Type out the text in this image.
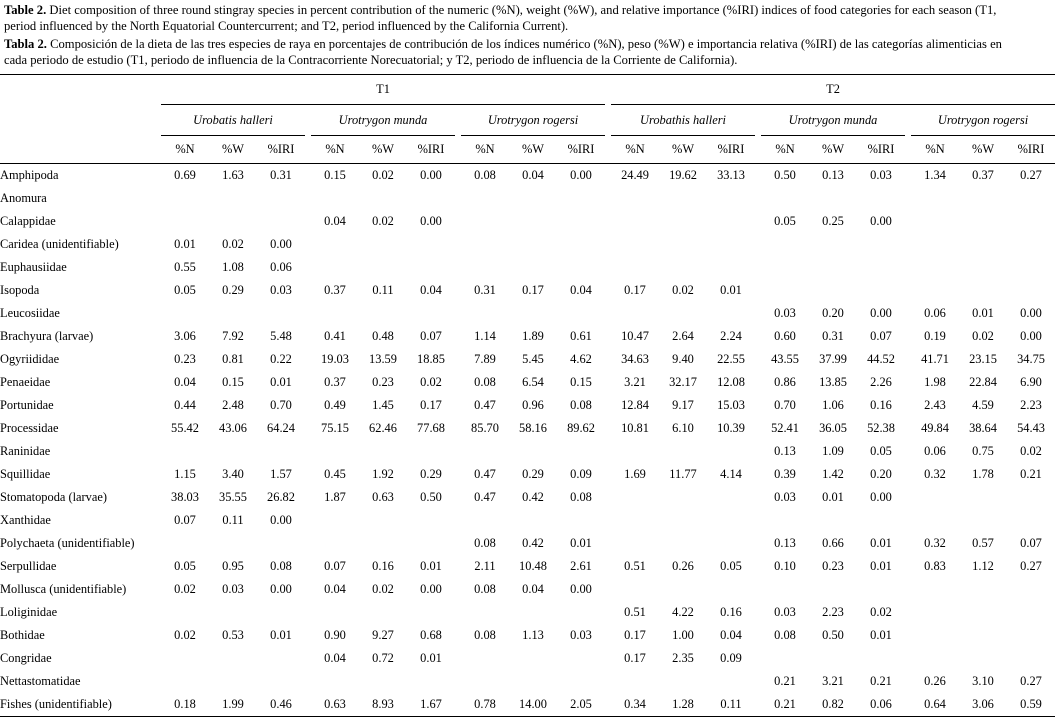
Table 2. Diet composition of three round stingray species in percent contribution of the numeric (%N), weight (%W), and relative importance (%IRI) indices of food categories for each season (T1, period influenced by the North Equatorial Countercurrent; and T2, period influenced by the California Current).
Tabla 2. Composición de la dieta de las tres especies de raya en porcentajes de contribución de los índices numérico (%N), peso (%W) e importancia relativa (%IRI) de las categorías alimenticias en cada periodo de estudio (T1, periodo de influencia de la Contracorriente Norecuatorial; y T2, periodo de influencia de la Corriente de California).
	T1												T2										
	Urobatis halleri				Urotrygon munda				Urotrygon rogersi				Urobathis halleri				Urotrygon munda				Urotrygon rogersi		
	%N	%W	%IRI		%N	%W	%IRI		%N	%W	%IRI		%N	%W	%IRI		%N	%W	%IRI		%N	%W	%IRI
Amphipoda	0.69	1.63	0.31		0.15	0.02	0.00		0.08	0.04	0.00		24.49	19.62	33.13		0.50	0.13	0.03		1.34	0.37	0.27
Anomura																							
Calappidae					0.04	0.02	0.00										0.05	0.25	0.00				
Caridea (unidentifiable)	0.01	0.02	0.00																				
Euphausiidae	0.55	1.08	0.06																				
Isopoda	0.05	0.29	0.03		0.37	0.11	0.04		0.31	0.17	0.04		0.17	0.02	0.01								
Leucosiidae																	0.03	0.20	0.00		0.06	0.01	0.00
Brachyura (larvae)	3.06	7.92	5.48		0.41	0.48	0.07		1.14	1.89	0.61		10.47	2.64	2.24		0.60	0.31	0.07		0.19	0.02	0.00
Ogyriididae	0.23	0.81	0.22		19.03	13.59	18.85		7.89	5.45	4.62		34.63	9.40	22.55		43.55	37.99	44.52		41.71	23.15	34.75
Penaeidae	0.04	0.15	0.01		0.37	0.23	0.02		0.08	6.54	0.15		3.21	32.17	12.08		0.86	13.85	2.26		1.98	22.84	6.90
Portunidae	0.44	2.48	0.70		0.49	1.45	0.17		0.47	0.96	0.08		12.84	9.17	15.03		0.70	1.06	0.16		2.43	4.59	2.23
Processidae	55.42	43.06	64.24		75.15	62.46	77.68		85.70	58.16	89.62		10.81	6.10	10.39		52.41	36.05	52.38		49.84	38.64	54.43
Raninidae																	0.13	1.09	0.05		0.06	0.75	0.02
Squillidae	1.15	3.40	1.57		0.45	1.92	0.29		0.47	0.29	0.09		1.69	11.77	4.14		0.39	1.42	0.20		0.32	1.78	0.21
Stomatopoda (larvae)	38.03	35.55	26.82		1.87	0.63	0.50		0.47	0.42	0.08						0.03	0.01	0.00				
Xanthidae	0.07	0.11	0.00																				
Polychaeta (unidentifiable)									0.08	0.42	0.01						0.13	0.66	0.01		0.32	0.57	0.07
Serpullidae	0.05	0.95	0.08		0.07	0.16	0.01		2.11	10.48	2.61		0.51	0.26	0.05		0.10	0.23	0.01		0.83	1.12	0.27
Mollusca (unidentifiable)	0.02	0.03	0.00		0.04	0.02	0.00		0.08	0.04	0.00												
Loliginidae													0.51	4.22	0.16		0.03	2.23	0.02				
Bothidae	0.02	0.53	0.01		0.90	9.27	0.68		0.08	1.13	0.03		0.17	1.00	0.04		0.08	0.50	0.01				
Congridae					0.04	0.72	0.01						0.17	2.35	0.09								
Nettastomatidae																	0.21	3.21	0.21		0.26	3.10	0.27
Fishes (unidentifiable)	0.18	1.99	0.46		0.63	8.93	1.67		0.78	14.00	2.05		0.34	1.28	0.11		0.21	0.82	0.06		0.64	3.06	0.59
